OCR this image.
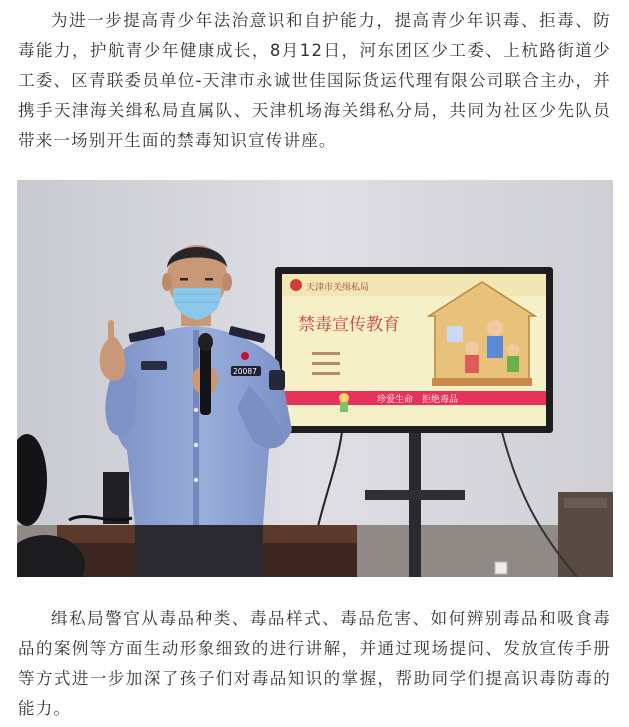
为进一步提高青少年法治意识和自护能力，提高青少年识毒、拒毒、防毒能力，护航青少年健康成长，8月12日，河东团区少工委、上杭路街道少工委、区青联委员单位-天津市永诚世佳国际货运代理有限公司联合主办，并携手天津海关缉私局直属队、天津机场海关缉私分局，共同为社区少先队员带来一场别开生面的禁毒知识宣传讲座。

天津市关缉私局
禁毒宣传教育
珍爱生命　拒绝毒品
20087

缉私局警官从毒品种类、毒品样式、毒品危害、如何辨别毒品和吸食毒品的案例等方面生动形象细致的进行讲解，并通过现场提问、发放宣传手册等方式进一步加深了孩子们对毒品知识的掌握，帮助同学们提高识毒防毒的能力。
